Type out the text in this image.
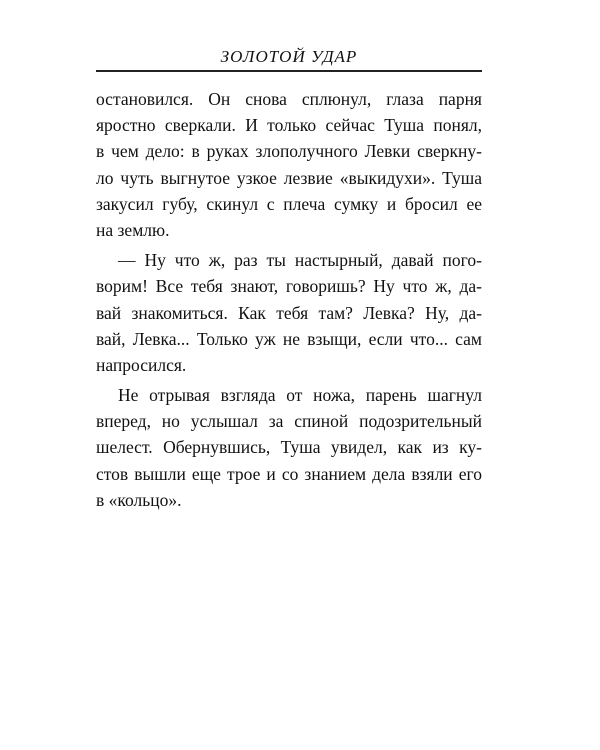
ЗОЛОТОЙ УДАР
остановился. Он снова сплюнул, глаза парня
яростно сверкали. И только сейчас Туша понял,
в чем дело: в руках злополучного Левки сверкну-
ло чуть выгнутое узкое лезвие «выкидухи». Туша
закусил губу, скинул с плеча сумку и бросил ее
на землю.
— Ну что ж, раз ты настырный, давай пого-
ворим! Все тебя знают, говоришь? Ну что ж, да-
вай знакомиться. Как тебя там? Левка? Ну, да-
вай, Левка... Только уж не взыщи, если что... сам
напросился.
Не отрывая взгляда от ножа, парень шагнул
вперед, но услышал за спиной подозрительный
шелест. Обернувшись, Туша увидел, как из ку-
стов вышли еще трое и со знанием дела взяли его
в «кольцо».
